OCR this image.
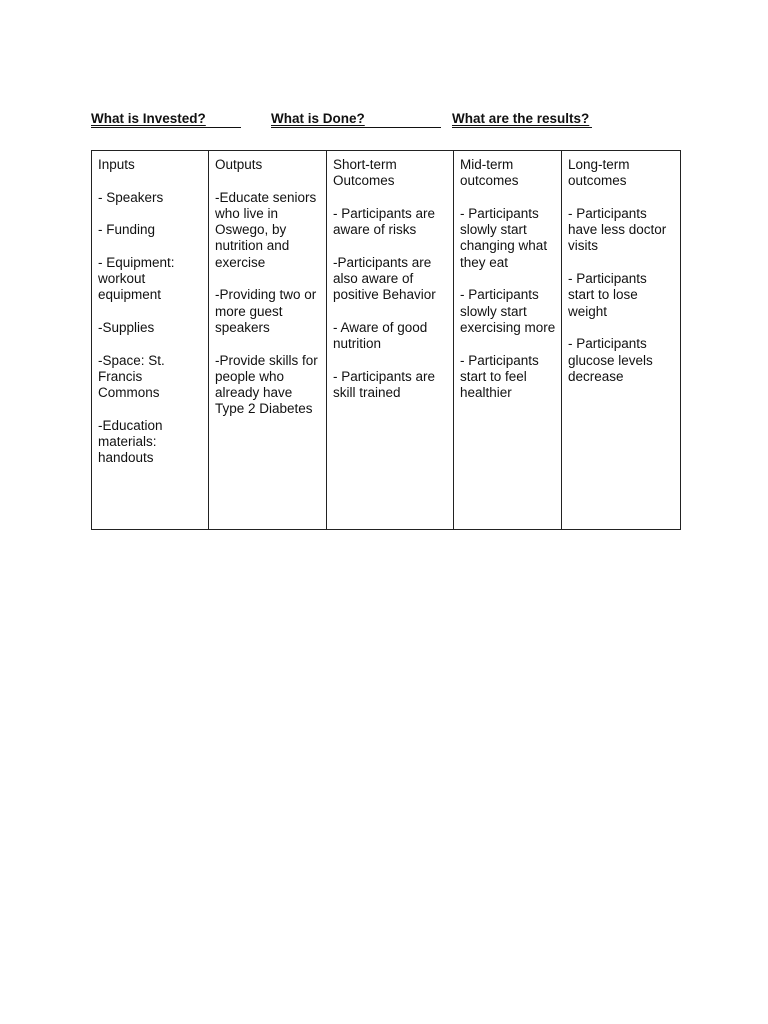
What is Invested?	What is Done?	What are the results?
Inputs
- Speakers
- Funding
- Equipment: workout equipment
-Supplies
-Space: St. Francis Commons
-Education materials: handouts

Outputs
-Educate seniors who live in Oswego, by nutrition and exercise
-Providing two or more guest speakers
-Provide skills for people who already have Type 2 Diabetes

Short-term Outcomes
- Participants are aware of risks
-Participants are also aware of positive Behavior
- Aware of good nutrition
- Participants are skill trained

Mid-term outcomes
- Participants slowly start changing what they eat
- Participants slowly start exercising more
- Participants start to feel healthier

Long-term outcomes
- Participants have less doctor visits
- Participants start to lose weight
- Participants glucose levels decrease
